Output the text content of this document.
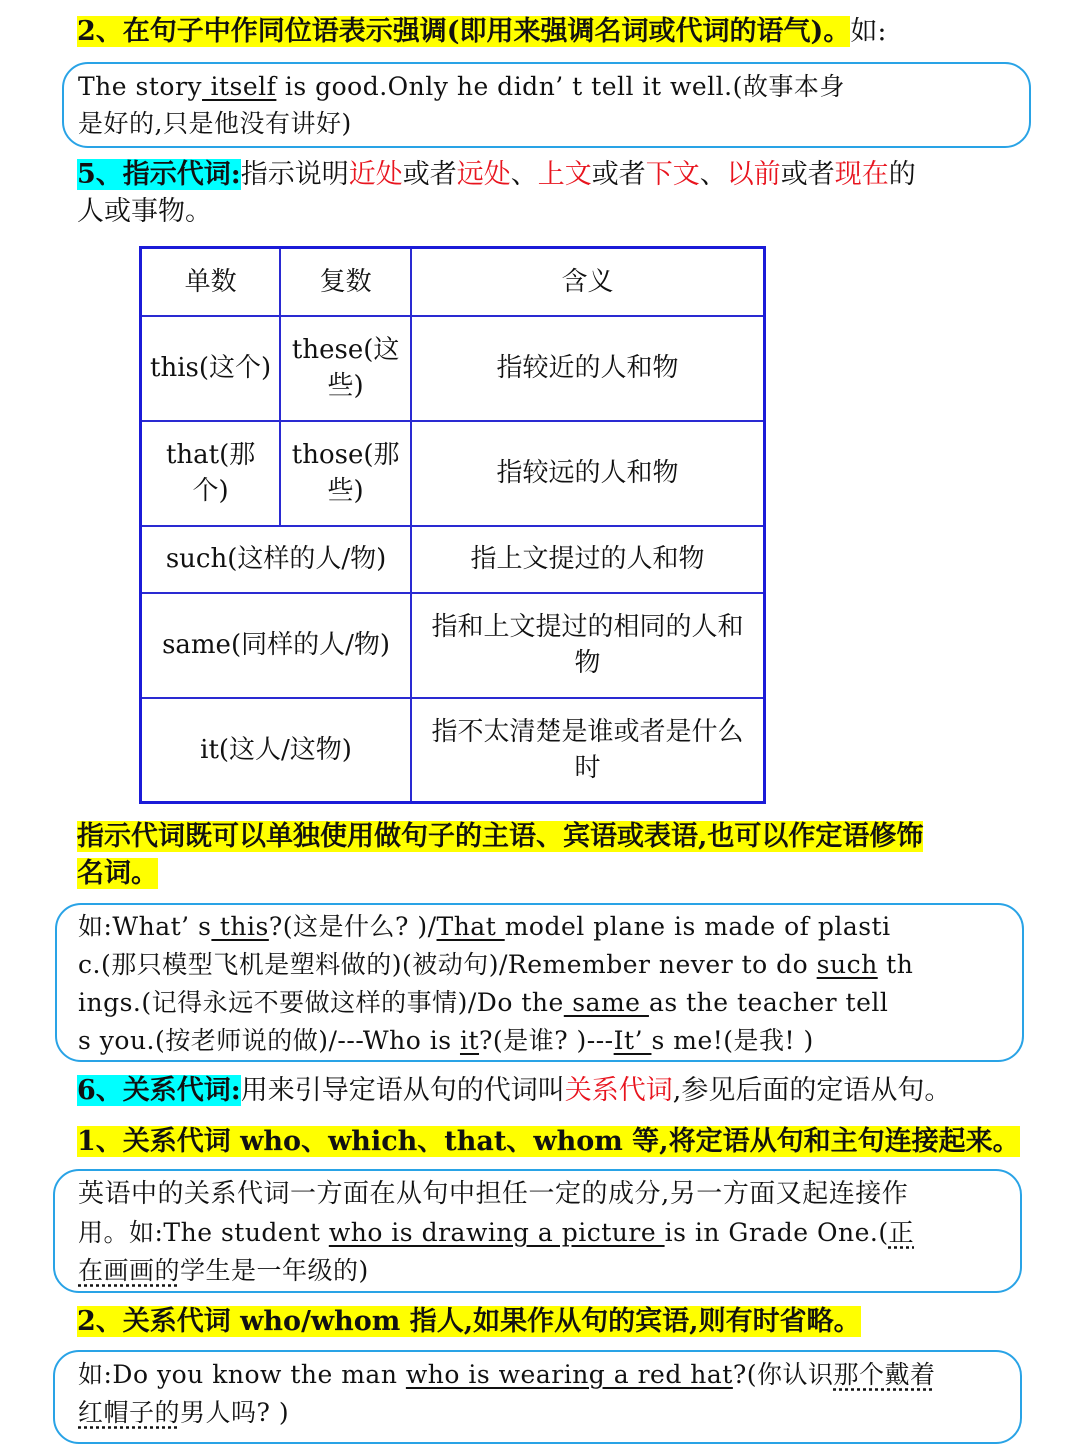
2、在句子中作同位语表示强调(即用来强调名词或代词的语气)。如:
The story itself is good.Only he didn’ t tell it well.(故事本身
是好的,只是他没有讲好)
5、指示代词:指示说明近处或者远处、上文或者下文、以前或者现在的
人或事物。
单数	复数	含义
this(这个)	these(这些)	指较近的人和物
that(那个)	those(那些)	指较远的人和物
such(这样的人/物)		指上文提过的人和物
same(同样的人/物)		指和上文提过的相同的人和物
it(这人/这物)		指不太清楚是谁或者是什么时
指示代词既可以单独使用做句子的主语、宾语或表语,也可以作定语修饰
名词。
如:What’ s this?(这是什么? )/That model plane is made of plasti
c.(那只模型飞机是塑料做的)(被动句)/Remember never to do such th
ings.(记得永远不要做这样的事情)/Do the same as the teacher tell
s you.(按老师说的做)/---Who is it?(是谁? )---It’ s me!(是我! )
6、关系代词:用来引导定语从句的代词叫关系代词,参见后面的定语从句。
1、关系代词 who、which、that、whom 等,将定语从句和主句连接起来。
英语中的关系代词一方面在从句中担任一定的成分,另一方面又起连接作
用。如:The student who is drawing a picture is in Grade One.(正
在画画的学生是一年级的)
2、关系代词 who/whom 指人,如果作从句的宾语,则有时省略。
如:Do you know the man who is wearing a red hat?(你认识那个戴着
红帽子的男人吗? )
